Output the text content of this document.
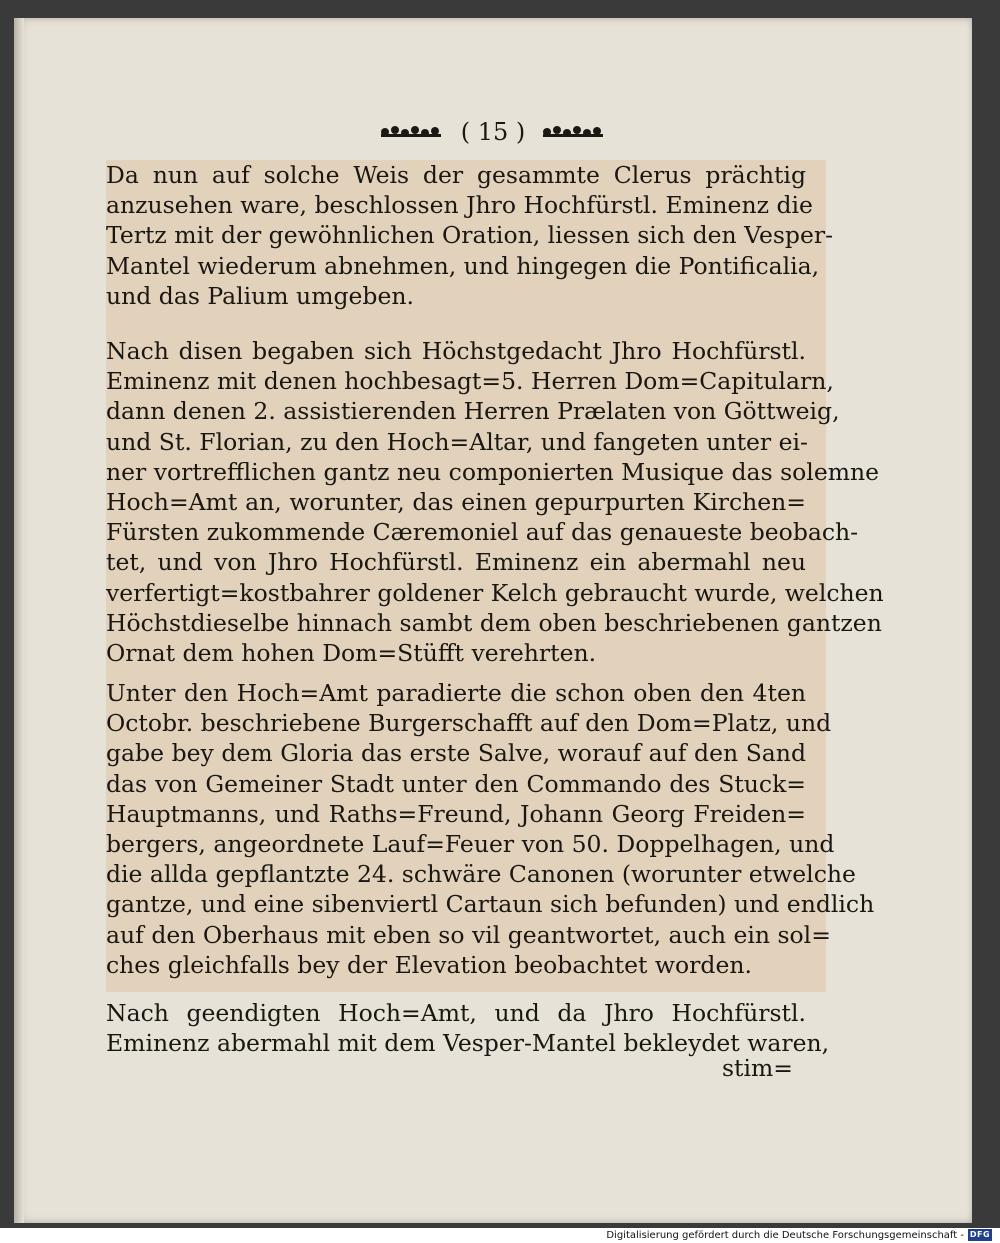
( 15 )
Da nun auf solche Weis der gesammte Clerus prächtig
anzusehen ware, beschlossen Jhro Hochfürstl. Eminenz die
Tertz mit der gewöhnlichen Oration, liessen sich den Vesper-
Mantel wiederum abnehmen, und hingegen die Pontificalia,
und das Palium umgeben.
Nach disen begaben sich Höchstgedacht Jhro Hochfürstl.
Eminenz mit denen hochbesagt=5. Herren Dom=Capitularn,
dann denen 2. assistierenden Herren Prælaten von Göttweig,
und St. Florian, zu den Hoch=Altar, und fangeten unter ei-
ner vortrefflichen gantz neu componierten Musique das solemne
Hoch=Amt an, worunter, das einen gepurpurten Kirchen=
Fürsten zukommende Cæremoniel auf das genaueste beobach-
tet, und von Jhro Hochfürstl. Eminenz ein abermahl neu
verfertigt=kostbahrer goldener Kelch gebraucht wurde, welchen
Höchstdieselbe hinnach sambt dem oben beschriebenen gantzen
Ornat dem hohen Dom=Stüfft verehrten.
Unter den Hoch=Amt paradierte die schon oben den 4ten
Octobr. beschriebene Burgerschafft auf den Dom=Platz, und
gabe bey dem Gloria das erste Salve, worauf auf den Sand
das von Gemeiner Stadt unter den Commando des Stuck=
Hauptmanns, und Raths=Freund, Johann Georg Freiden=
bergers, angeordnete Lauf=Feuer von 50. Doppelhagen, und
die allda gepflantzte 24. schwäre Canonen (worunter etwelche
gantze, und eine sibenviertl Cartaun sich befunden) und endlich
auf den Oberhaus mit eben so vil geantwortet, auch ein sol=
ches gleichfalls bey der Elevation beobachtet worden.
Nach geendigten Hoch=Amt, und da Jhro Hochfürstl.
Eminenz abermahl mit dem Vesper-Mantel bekleydet waren,
stim=
Digitalisierung gefördert durch die Deutsche Forschungsgemeinschaft - DFG
